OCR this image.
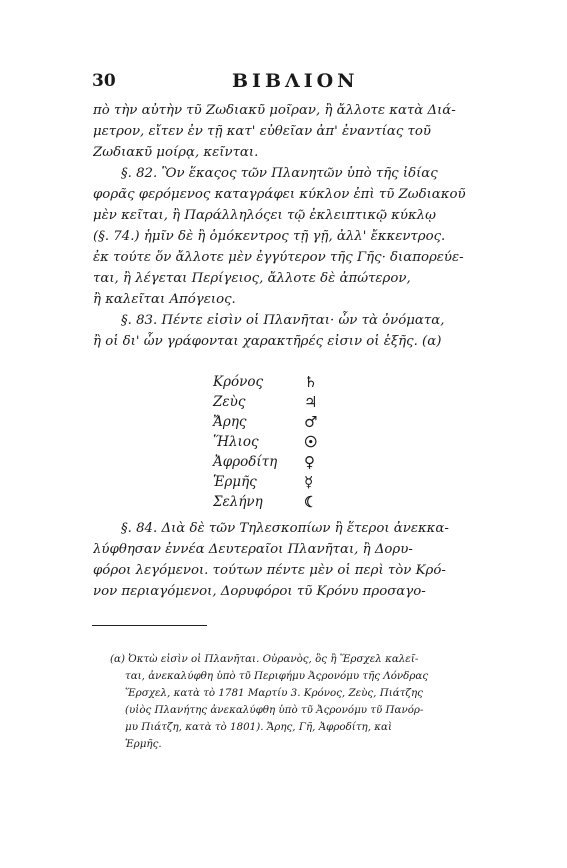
30	ΒΙΒΛΙΟΝ
πὸ τὴν αὐτὴν τῦ Ζωδιακῦ μοῖραν, ἢ ἄλλοτε κατὰ Διά-
μετρον, εἴτεν ἐν τῇ κατ' εὐθεῖαν ἀπ' ἐναντίας τοῦ
Ζωδιακῦ μοίρᾳ, κεῖνται.
§. 82. Ὃν ἕκαςος τῶν Πλανητῶν ὑπὸ τῆς ἰδίας
φορᾶς φερόμενος καταγράφει κύκλον ἐπὶ τῦ Ζωδιακοῦ
μὲν κεῖται, ἢ Παράλληλόςει τῷ ἐκλειπτικῷ κύκλῳ
(§. 74.) ἡμῖν δὲ ἢ ὁμόκεντρος τῇ γῇ, ἀλλ' ἔκκεντρος.
ἐκ τούτε ὅν ἄλλοτε μὲν ἐγγύτερον τῆς Γῆς· διαπορεύε-
ται, ἢ λέγεται Περίγειος, ἄλλοτε δὲ ἀπώτερον,
ἢ καλεῖται Απόγειος.
§. 83. Πέντε εἰσὶν οἱ Πλανῆται· ὧν τὰ ὀνόματα,
ἢ οἱ δι' ὧν γράφονται χαρακτῆρές εἰσιν οἱ ἑξῆς. (α)
Κρόνος	♄
Ζεὺς	♃
Ἄρης	♂
Ἥλιος	☉
Ἀφροδίτη ♀
Ἑρμῆς	☿
Σελήνη	☾
§. 84. Διὰ δὲ τῶν Τηλεσκοπίων ἢ ἕτεροι ἀνεκκα-
λύφθησαν ἐννέα Δευτεραῖοι Πλανῆται, ἢ Δορυ-
φόροι λεγόμενοι. τούτων πέντε μὲν οἱ περὶ τὸν Κρό-
νον περιαγόμενοι, Δορυφόροι τῦ Κρόνυ προσαγο-
(α) Ὀκτὼ εἰσὶν οἱ Πλανῆται. Οὐρανὸς, ὃς ἢ Ἕρσχελ καλεῖ-
ται, ἀνεκαλύφθη ὑπὸ τῦ Περιφήμυ Ἀςρονόμυ τῆς Λόνδρας
Ἕρσχελ, κατὰ τὸ 1781 Μαρτίυ 3. Κρόνος, Ζεὺς, Πιάτζης
(υἱὸς Πλανήτης ἀνεκαλύφθη ὑπὸ τῦ Ἀςρονόμυ τῦ Πανόρ-
μυ Πιάτζη, κατὰ τὸ 1801). Ἄρης, Γῆ, Ἀφροδίτη, καὶ
Ἑρμῆς.
